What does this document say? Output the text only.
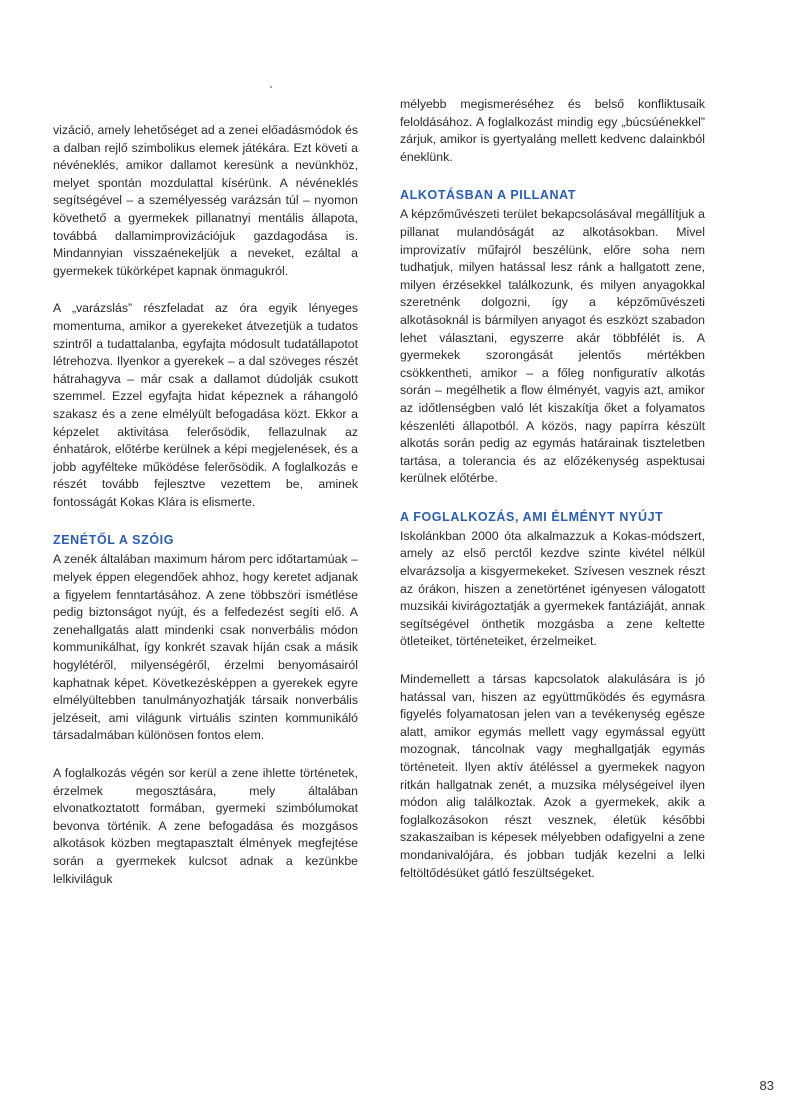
vizáció, amely lehetőséget ad a zenei előadásmódok és a dalban rejlő szimbolikus elemek játékára. Ezt követi a névéneklés, amikor dallamot keresünk a nevünkhöz, melyet spontán mozdulattal kísérünk. A névéneklés segítségével – a személyesség varázsán túl – nyomon követhető a gyermekek pillanatnyi mentális állapota, továbbá dallamimprovizációjuk gazdagodása is. Mindannyian visszaénekeljük a neveket, ezáltal a gyermekek tükörképet kapnak önmagukról.

A „varázslás” részfeladat az óra egyik lényeges momentuma, amikor a gyerekeket átvezetjük a tudatos szintről a tudattalanba, egyfajta módosult tudatállapotot létrehozva. Ilyenkor a gyerekek – a dal szöveges részét hátrahagyva – már csak a dallamot dúdolják csukott szemmel. Ezzel egyfajta hidat képeznek a ráhangoló szakasz és a zene elmélyült befogadása közt. Ekkor a képzelet aktivitása felerősödik, fellazulnak az énhatárok, előtérbe kerülnek a képi megjelenések, és a jobb agyféltekе működése felerősödik. A foglalkozás e részét tovább fejlesztve vezettem be, aminek fontosságát Kokas Klára is elismerte.

ZENÉTŐL A SZÓIG

A zenék általában maximum három perc időtartamúak – melyek éppen elegendőek ahhoz, hogy keretet adjanak a figyelem fenntartásához. A zene többszöri ismétlése pedig biztonságot nyújt, és a felfedezést segíti elő. A zenehallgatás alatt mindenki csak nonverbális módon kommunikálhat, így konkrét szavak híján csak a másik hogylétéről, milyenségéről, érzelmi benyomásairól kaphatnak képet. Következésképpen a gyerekek egyre elmélyültebben tanulmányozhatják társaik nonverbális jelzéseit, ami világunk virtuális szinten kommunikáló társadalmában különösen fontos elem.

A foglalkozás végén sor kerül a zene ihlette történetek, érzelmek megosztására, mely általában elvonatkoztatott formában, gyermeki szimbólumokat bevonva történik. A zene befogadása és mozgásos alkotások közben megtapasztalt élmények megfejtése során a gyermekek kulcsot adnak a kezünkbe lelkiviláguk

mélyebb megismeréséhez és belső konfliktusaik feloldásához. A foglalkozást mindig egy „búcsúénekkel” zárjuk, amikor is gyertyaláng mellett kedvenc dalainkból éneklünk.

ALKOTÁSBAN A PILLANAT

A képzőművészeti terület bekapcsolásával megállítjuk a pillanat mulandóságát az alkotásokban. Mivel improvizatív műfajról beszélünk, előre soha nem tudhatjuk, milyen hatással lesz ránk a hallgatott zene, milyen érzésekkel találkozunk, és milyen anyagokkal szeretnénk dolgozni, így a képzőművészeti alkotásoknál is bármilyen anyagot és eszközt szabadon lehet választani, egyszerre akár többfélét is. A gyermekek szorongását jelentős mértékben csökkentheti, amikor – a főleg nonfiguratív alkotás során – megélhetik a flow élményét, vagyis azt, amikor az időtlenségben való lét kiszakítja őket a folyamatos készenléti állapotból. A közös, nagy papírra készült alkotás során pedig az egymás határainak tiszteletben tartása, a tolerancia és az előzékenység aspektusai kerülnek előtérbe.

A FOGLALKOZÁS, AMI ÉLMÉNYT NYÚJT

Iskolánkban 2000 óta alkalmazzuk a Kokas-módszert, amely az első perctől kezdve szinte kivétel nélkül elvarázsolja a kisgyermekeket. Szívesen vesznek részt az órákon, hiszen a zenetörténet igényesen válogatott muzsikái kivirágoztatják a gyermekek fantáziáját, annak segítségével önthetik mozgásba a zene keltette ötleteiket, történeteiket, érzelmeiket.

Mindemellett a társas kapcsolatok alakulására is jó hatással van, hiszen az együttműködés és egymásra figyelés folyamatosan jelen van a tevékenység egésze alatt, amikor egymás mellett vagy egymással együtt mozognak, táncolnak vagy meghallgatják egymás történeteit. Ilyen aktív átéléssel a gyermekek nagyon ritkán hallgatnak zenét, a muzsika mélységeivel ilyen módon alig találkoztak. Azok a gyermekek, akik a foglalkozásokon részt vesznek, életük későbbi szakaszaiban is képesek mélyebben odafigyelni a zene mondanivalójára, és jobban tudják kezelni a lelki feltöltődésüket gátló feszültségeket.

83
